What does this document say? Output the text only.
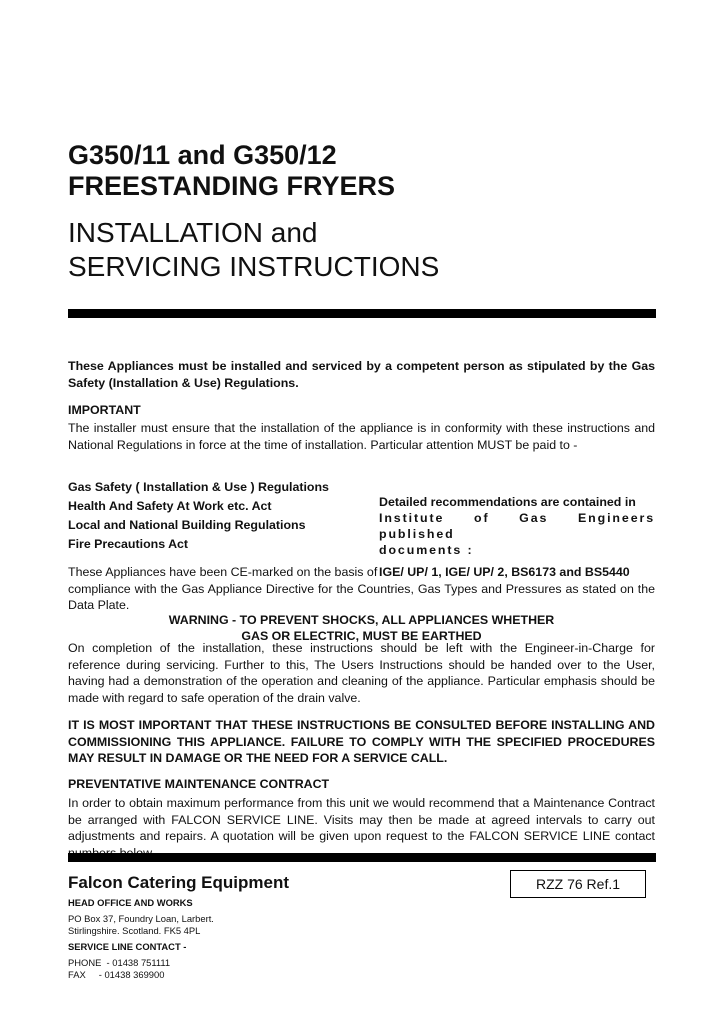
G350/11 and G350/12
FREESTANDING FRYERS
INSTALLATION and
SERVICING INSTRUCTIONS
These Appliances must be installed and serviced by a competent person as stipulated by the Gas Safety (Installation & Use) Regulations.
IMPORTANT
The installer must ensure that the installation of the appliance is in conformity with these instructions and National Regulations in force at the time of installation. Particular attention MUST be paid to -
Gas Safety ( Installation & Use ) Regulations
Health And Safety At Work etc. Act
Local and National Building Regulations
Fire Precautions Act
Detailed recommendations are contained in
Institute of Gas Engineers published
documents :
IGE/ UP/ 1, IGE/ UP/ 2, BS6173 and BS5440
These Appliances have been CE-marked on the basis of
compliance with the Gas Appliance Directive for the Countries, Gas Types and Pressures as stated on the Data Plate.
WARNING - TO PREVENT SHOCKS, ALL APPLIANCES WHETHER
GAS OR ELECTRIC, MUST BE EARTHED
On completion of the installation, these instructions should be left with the Engineer-in-Charge for reference during servicing. Further to this, The Users Instructions should be handed over to the User, having had a demonstration of the operation and cleaning of the appliance. Particular emphasis should be made with regard to safe operation of the drain valve.
IT IS MOST IMPORTANT THAT THESE INSTRUCTIONS BE CONSULTED BEFORE INSTALLING AND COMMISSIONING THIS APPLIANCE. FAILURE TO COMPLY WITH THE SPECIFIED PROCEDURES MAY RESULT IN DAMAGE OR THE NEED FOR A SERVICE CALL.
PREVENTATIVE MAINTENANCE CONTRACT
In order to obtain maximum performance from this unit we would recommend that a Maintenance Contract be arranged with FALCON SERVICE LINE. Visits may then be made at agreed intervals to carry out adjustments and repairs. A quotation will be given upon request to the FALCON SERVICE LINE contact
Falcon Catering Equipment	RZZ 76 Ref.1
HEAD OFFICE AND WORKS
PO Box 37, Foundry Loan, Larbert.
Stirlingshire. Scotland. FK5 4PL
SERVICE LINE CONTACT -
PHONE  - 01438 751111
FAX     - 01438 369900
